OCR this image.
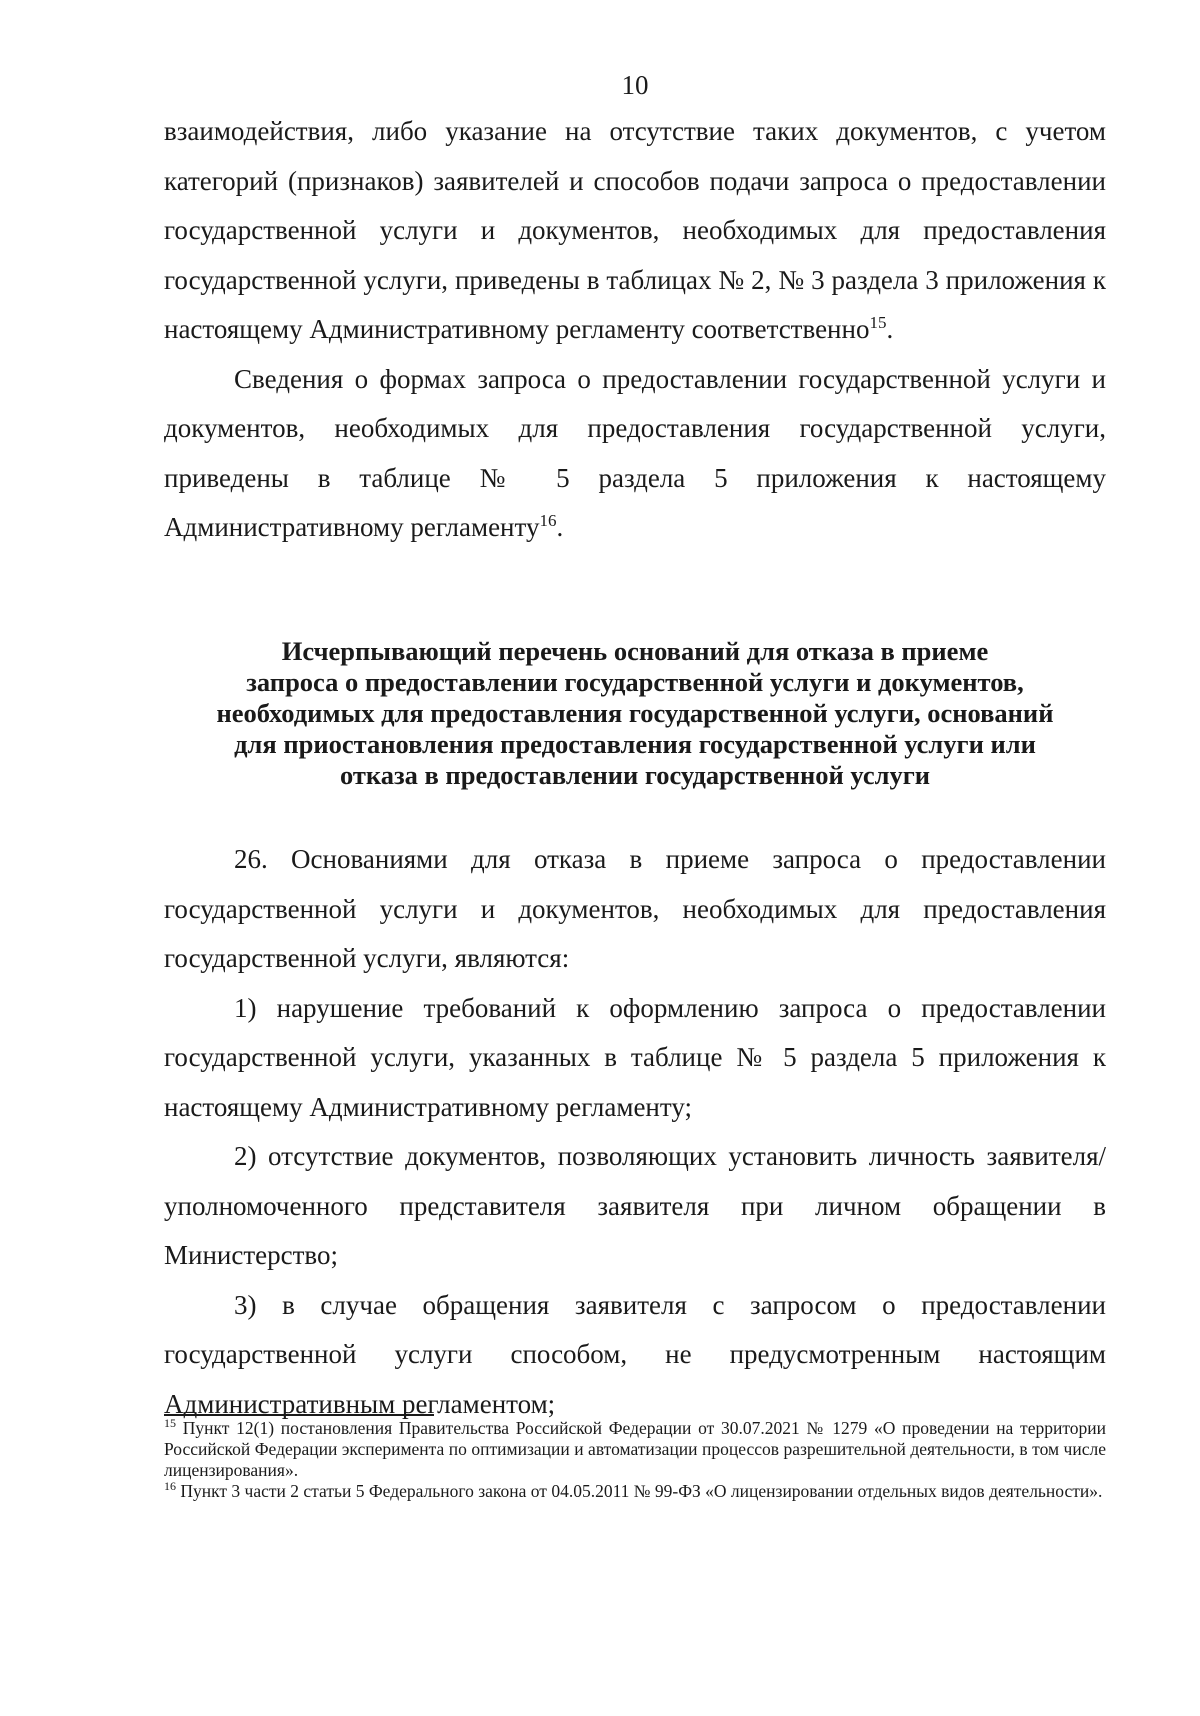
10

взаимодействия, либо указание на отсутствие таких документов, с учетом категорий (признаков) заявителей и способов подачи запроса о предоставлении государственной услуги и документов, необходимых для предоставления государственной услуги, приведены в таблицах № 2, № 3 раздела 3 приложения к настоящему Административному регламенту соответственно$^{15}$.

Сведения о формах запроса о предоставлении государственной услуги и документов, необходимых для предоставления государственной услуги, приведены в таблице № 5 раздела 5 приложения к настоящему Административному регламенту$^{16}$.

Исчерпывающий перечень оснований для отказа в приеме
запроса о предоставлении государственной услуги и документов,
необходимых для предоставления государственной услуги, оснований
для приостановления предоставления государственной услуги или
отказа в предоставлении государственной услуги

26. Основаниями для отказа в приеме запроса о предоставлении государственной услуги и документов, необходимых для предоставления государственной услуги, являются:

1) нарушение требований к оформлению запроса о предоставлении государственной услуги, указанных в таблице № 5 раздела 5 приложения к настоящему Административному регламенту;

2) отсутствие документов, позволяющих установить личность заявителя/уполномоченного представителя заявителя при личном обращении в Министерство;

3) в случае обращения заявителя с запросом о предоставлении государственной услуги способом, не предусмотренным настоящим Административным регламентом;

$^{15}$ Пункт 12(1) постановления Правительства Российской Федерации от 30.07.2021 № 1279 «О проведении на территории Российской Федерации эксперимента по оптимизации и автоматизации процессов разрешительной деятельности, в том числе лицензирования».

$^{16}$ Пункт 3 части 2 статьи 5 Федерального закона от 04.05.2011 № 99-ФЗ «О лицензировании отдельных видов деятельности».
